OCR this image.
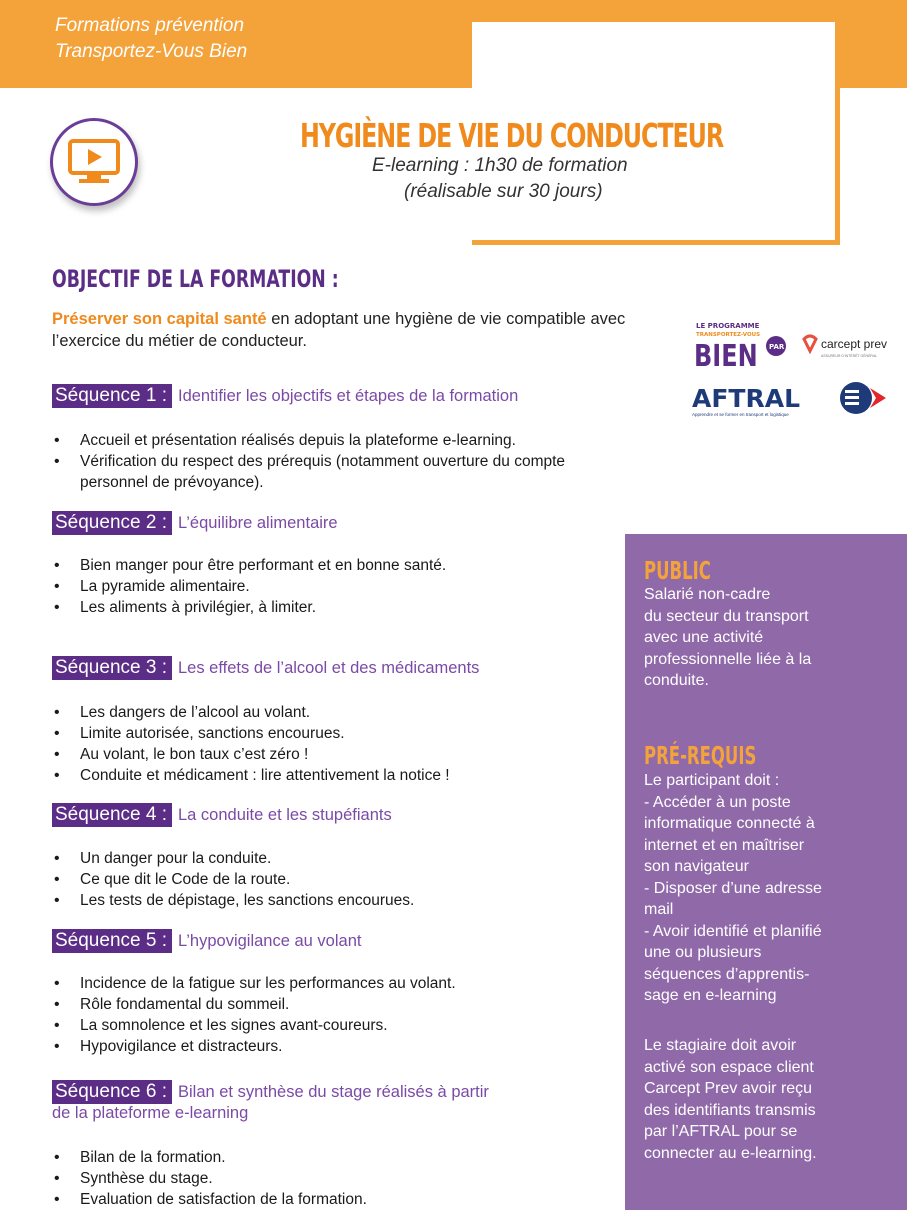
Formations prévention
Transportez-Vous Bien
HYGIÈNE DE VIE DU CONDUCTEUR
E-learning : 1h30 de formation
(réalisable sur 30 jours)
OBJECTIF DE LA FORMATION :
Préserver son capital santé en adoptant une hygiène de vie compatible avec l’exercice du métier de conducteur.
LE PROGRAMME
TRANSPORTEZ-VOUS
BIEN PAR	carcept prev
ASSUREUR D'INTÉRÊT GÉNÉRAL
AFTRAL
Apprendre et se former en transport et logistique
Séquence 1 : Identifier les objectifs et étapes de la formation
• Accueil et présentation réalisés depuis la plateforme e-learning.
• Vérification du respect des prérequis (notamment ouverture du compte personnel de prévoyance).
Séquence 2 : L’équilibre alimentaire
• Bien manger pour être performant et en bonne santé.
• La pyramide alimentaire.
• Les aliments à privilégier, à limiter.
Séquence 3 : Les effets de l’alcool et des médicaments
• Les dangers de l’alcool au volant.
• Limite autorisée, sanctions encourues.
• Au volant, le bon taux c’est zéro !
• Conduite et médicament : lire attentivement la notice !
Séquence 4 : La conduite et les stupéfiants
• Un danger pour la conduite.
• Ce que dit le Code de la route.
• Les tests de dépistage, les sanctions encourues.
Séquence 5 : L’hypovigilance au volant
• Incidence de la fatigue sur les performances au volant.
• Rôle fondamental du sommeil.
• La somnolence et les signes avant-coureurs.
• Hypovigilance et distracteurs.
Séquence 6 : Bilan et synthèse du stage réalisés à partir
de la plateforme e-learning
• Bilan de la formation.
• Synthèse du stage.
• Evaluation de satisfaction de la formation.
PUBLIC
Salarié non-cadre
du secteur du transport
avec une activité
professionnelle liée à la
conduite.
PRÉ-REQUIS
Le participant doit :
- Accéder à un poste
informatique connecté à
internet et en maîtriser
son navigateur
- Disposer d’une adresse
mail
- Avoir identifié et planifié
une ou plusieurs
séquences d’apprentis-
sage en e-learning
Le stagiaire doit avoir
activé son espace client
Carcept Prev avoir reçu
des identifiants transmis
par l’AFTRAL pour se
connecter au e-learning.
